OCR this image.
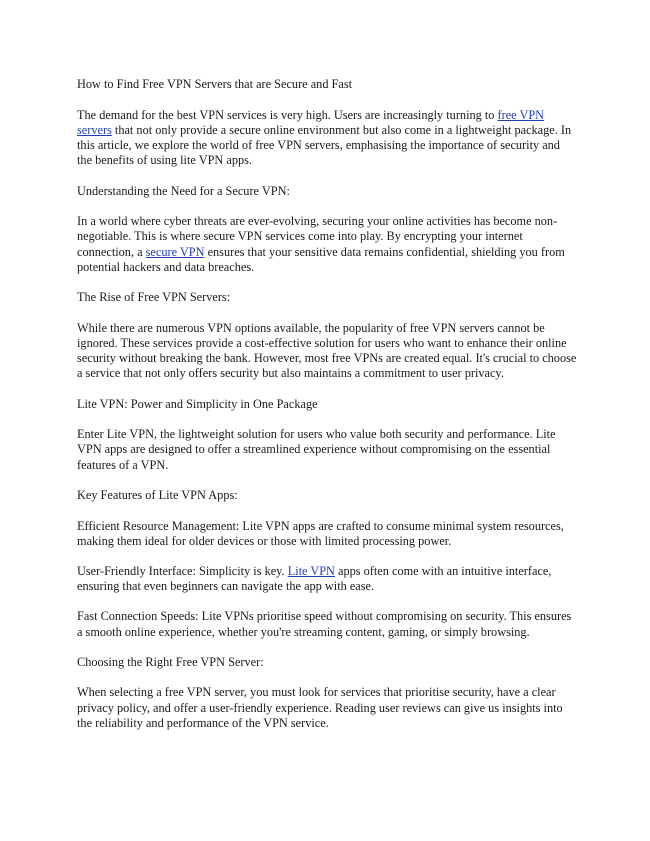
How to Find Free VPN Servers that are Secure and Fast

The demand for the best VPN services is very high. Users are increasingly turning to free VPN servers that not only provide a secure online environment but also come in a lightweight package. In this article, we explore the world of free VPN servers, emphasising the importance of security and the benefits of using lite VPN apps.

Understanding the Need for a Secure VPN:

In a world where cyber threats are ever-evolving, securing your online activities has become non-negotiable. This is where secure VPN services come into play. By encrypting your internet connection, a secure VPN ensures that your sensitive data remains confidential, shielding you from potential hackers and data breaches.

The Rise of Free VPN Servers:

While there are numerous VPN options available, the popularity of free VPN servers cannot be ignored. These services provide a cost-effective solution for users who want to enhance their online security without breaking the bank. However, most free VPNs are created equal. It's crucial to choose a service that not only offers security but also maintains a commitment to user privacy.

Lite VPN: Power and Simplicity in One Package

Enter Lite VPN, the lightweight solution for users who value both security and performance. Lite VPN apps are designed to offer a streamlined experience without compromising on the essential features of a VPN.

Key Features of Lite VPN Apps:

Efficient Resource Management: Lite VPN apps are crafted to consume minimal system resources, making them ideal for older devices or those with limited processing power.

User-Friendly Interface: Simplicity is key. Lite VPN apps often come with an intuitive interface, ensuring that even beginners can navigate the app with ease.

Fast Connection Speeds: Lite VPNs prioritise speed without compromising on security. This ensures a smooth online experience, whether you're streaming content, gaming, or simply browsing.

Choosing the Right Free VPN Server:

When selecting a free VPN server, you must look for services that prioritise security, have a clear privacy policy, and offer a user-friendly experience. Reading user reviews can give us insights into the reliability and performance of the VPN service.
